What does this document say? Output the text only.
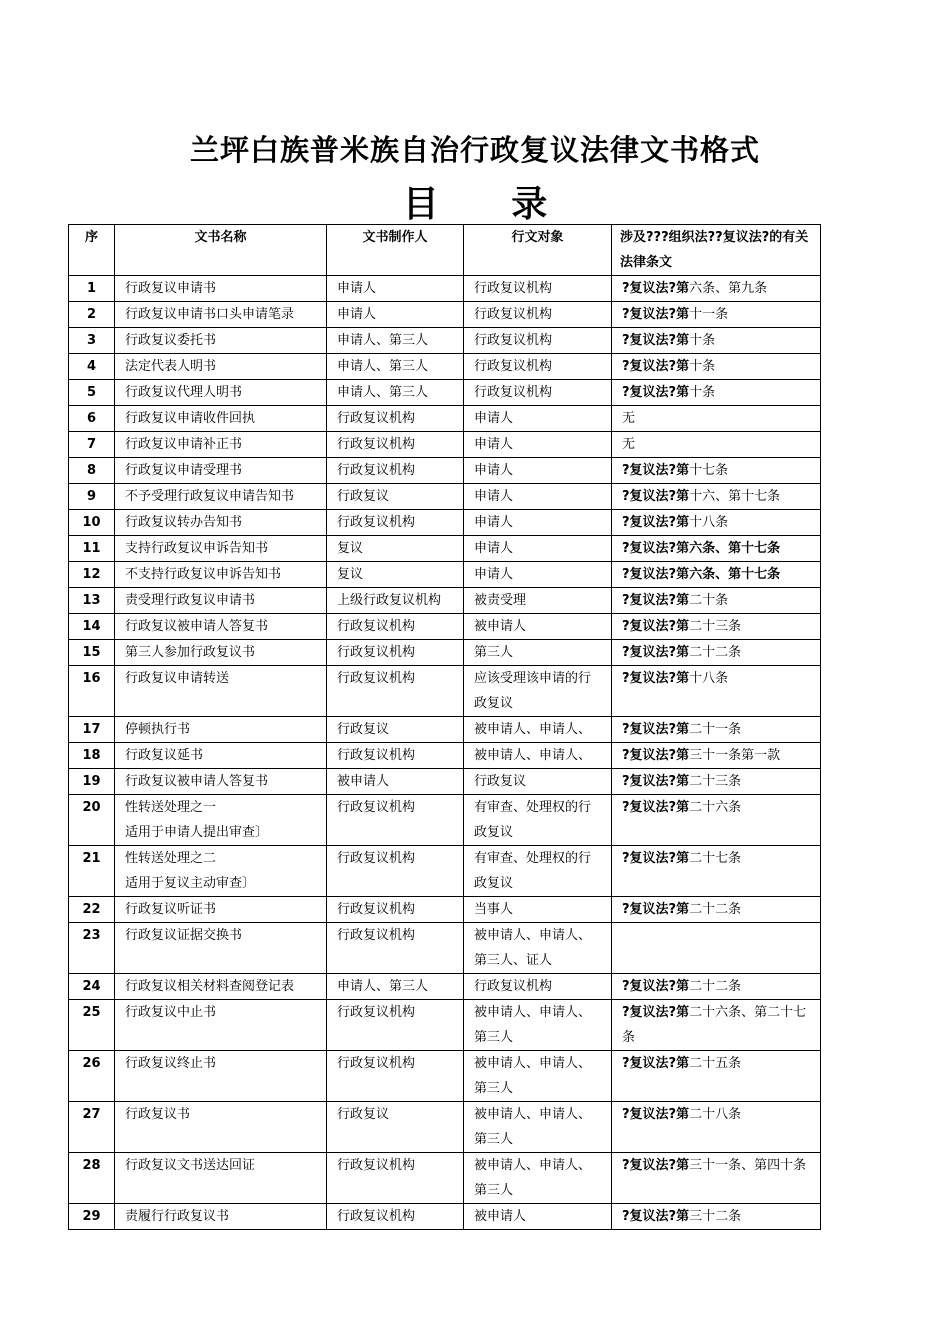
兰坪白族普米族自治行政复议法律文书格式
目 录
序	文书名称	文书制作人	行文对象	涉及???组织法??复议法?的有关法律条文
1	行政复议申请书	申请人	行政复议机构	?复议法?第六条、第九条
2	行政复议申请书口头申请笔录	申请人	行政复议机构	?复议法?第十一条
3	行政复议委托书	申请人、第三人	行政复议机构	?复议法?第十条
4	法定代表人明书	申请人、第三人	行政复议机构	?复议法?第十条
5	行政复议代理人明书	申请人、第三人	行政复议机构	?复议法?第十条
6	行政复议申请收件回执	行政复议机构	申请人	无
7	行政复议申请补正书	行政复议机构	申请人	无
8	行政复议申请受理书	行政复议机构	申请人	?复议法?第十七条
9	不予受理行政复议申请告知书	行政复议	申请人	?复议法?第十六、第十七条
10	行政复议转办告知书	行政复议机构	申请人	?复议法?第十八条
11	支持行政复议申诉告知书	复议	申请人	?复议法?第六条、第十七条
12	不支持行政复议申诉告知书	复议	申请人	?复议法?第六条、第十七条
13	责受理行政复议申请书	上级行政复议机构	被责受理	?复议法?第二十条
14	行政复议被申请人答复书	行政复议机构	被申请人	?复议法?第二十三条
15	第三人参加行政复议书	行政复议机构	第三人	?复议法?第二十二条
16	行政复议申请转送	行政复议机构	应该受理该申请的行政复议	?复议法?第十八条
17	停顿执行书	行政复议	被申请人、申请人、	?复议法?第二十一条
18	行政复议延书	行政复议机构	被申请人、申请人、	?复议法?第三十一条第一款
19	行政复议被申请人答复书	被申请人	行政复议	?复议法?第二十三条
20	性转送处理之一
适用于申请人提出审查〕	行政复议机构	有审查、处理权的行政复议	?复议法?第二十六条
21	性转送处理之二
适用于复议主动审查〕	行政复议机构	有审查、处理权的行政复议	?复议法?第二十七条
22	行政复议听证书	行政复议机构	当事人	?复议法?第二十二条
23	行政复议证据交换书	行政复议机构	被申请人、申请人、第三人、证人	
24	行政复议相关材料查阅登记表	申请人、第三人	行政复议机构	?复议法?第二十二条
25	行政复议中止书	行政复议机构	被申请人、申请人、第三人	?复议法?第二十六条、第二十七条
26	行政复议终止书	行政复议机构	被申请人、申请人、第三人	?复议法?第二十五条
27	行政复议书	行政复议	被申请人、申请人、第三人	?复议法?第二十八条
28	行政复议文书送达回证	行政复议机构	被申请人、申请人、第三人	?复议法?第三十一条、第四十条
29	责履行行政复议书	行政复议机构	被申请人	?复议法?第三十二条
